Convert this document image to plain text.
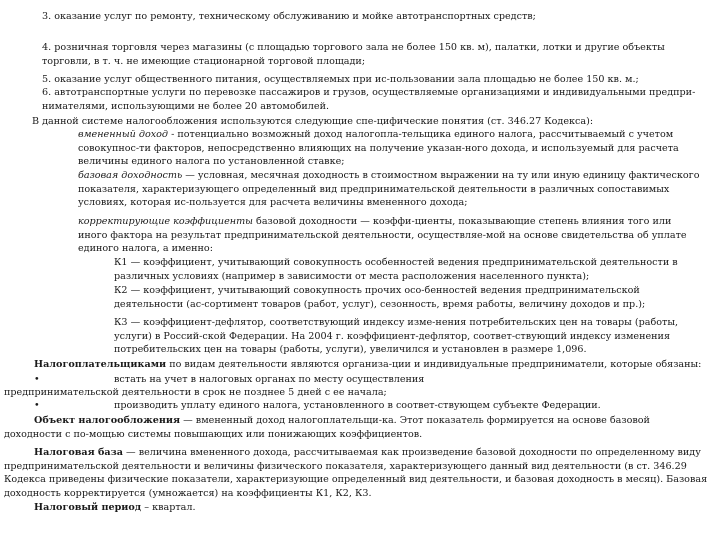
3. оказание услуг по ремонту, техническому обслуживанию и мойке автотранспортных средств;

4. розничная торговля через магазины (с площадью торгового зала не более 150 кв. м), палатки, лотки и другие объекты торговли, в т. ч. не имеющие стационарной торговой площади;

5. оказание услуг общественного питания, осуществляемых при ис-пользовании зала площадью не более 150 кв. м.;

6. автотранспортные услуги по перевозке пассажиров и грузов, осуществляемые организациями и индивидуальными предпри-нимателями, использующими не более 20 автомобилей.

В данной системе налогообложения используются следующие спе-цифические понятия (ст. 346.27 Кодекса):

вмененный доход - потенциально возможный доход налогопла-тельщика единого налога, рассчитываемый с учетом совокупнос-ти факторов, непосредственно влияющих на получение указан-ного дохода, и используемый для расчета величины единого налога по установленной ставке;

базовая доходность — условная, месячная доходность в стоимостном выражении на ту или иную единицу фактического показателя, характеризующего определенный вид предпринимательской деятельности в различных сопоставимых условиях, которая ис-пользуется для расчета величины вмененного дохода;

корректирующие коэффициенты базовой доходности — коэффи-циенты, показывающие степень влияния того или иного фактора на результат предпринимательской деятельности, осуществляе-мой на основе свидетельства об уплате единого налога, а именно:

К1 — коэффициент, учитывающий совокупность особенностей ведения предпринимательской деятельности в различных условиях (например в зависимости от места расположения населенного пункта);

К2 — коэффициент, учитывающий совокупность прочих осо-бенностей ведения предпринимательской деятельности (ас-сортимент товаров (работ, услуг), сезонность, время работы, величину доходов и пр.);

К3 — коэффициент-дефлятор, соответствующий индексу изме-нения потребительских цен на товары (работы, услуги) в Россий-ской Федерации. На 2004 г. коэффициент-дефлятор, соответ-ствующий индексу изменения потребительских цен на товары (работы, услуги), увеличился и установлен в размере 1,096.

Налогоплательщиками по видам деятельности являются организа-ции и индивидуальные предприниматели, которые обязаны:

•	встать на учет в налоговых органах по месту осуществления

предпринимательской деятельности в срок не позднее 5 дней с ее начала;

•	производить уплату единого налога, установленного в соответ-ствующем субъекте Федерации.

Объект налогообложения — вмененный доход налогоплательщи-ка. Этот показатель формируется на основе базовой доходности с по-мощью системы повышающих или понижающих коэффициентов.

Налоговая база — величина вмененного дохода, рассчитываемая как произведение базовой доходности по определенному виду предпринимательской деятельности и величины физического показателя, характеризующего данный вид деятельности (в ст. 346.29 Кодекса приведены физические показатели, характеризующие определенный вид деятельности, и базовая доходность в месяц). Базовая доходность корректируется (умножается) на коэффициенты К1, К2, К3.

Налоговый период – квартал.
